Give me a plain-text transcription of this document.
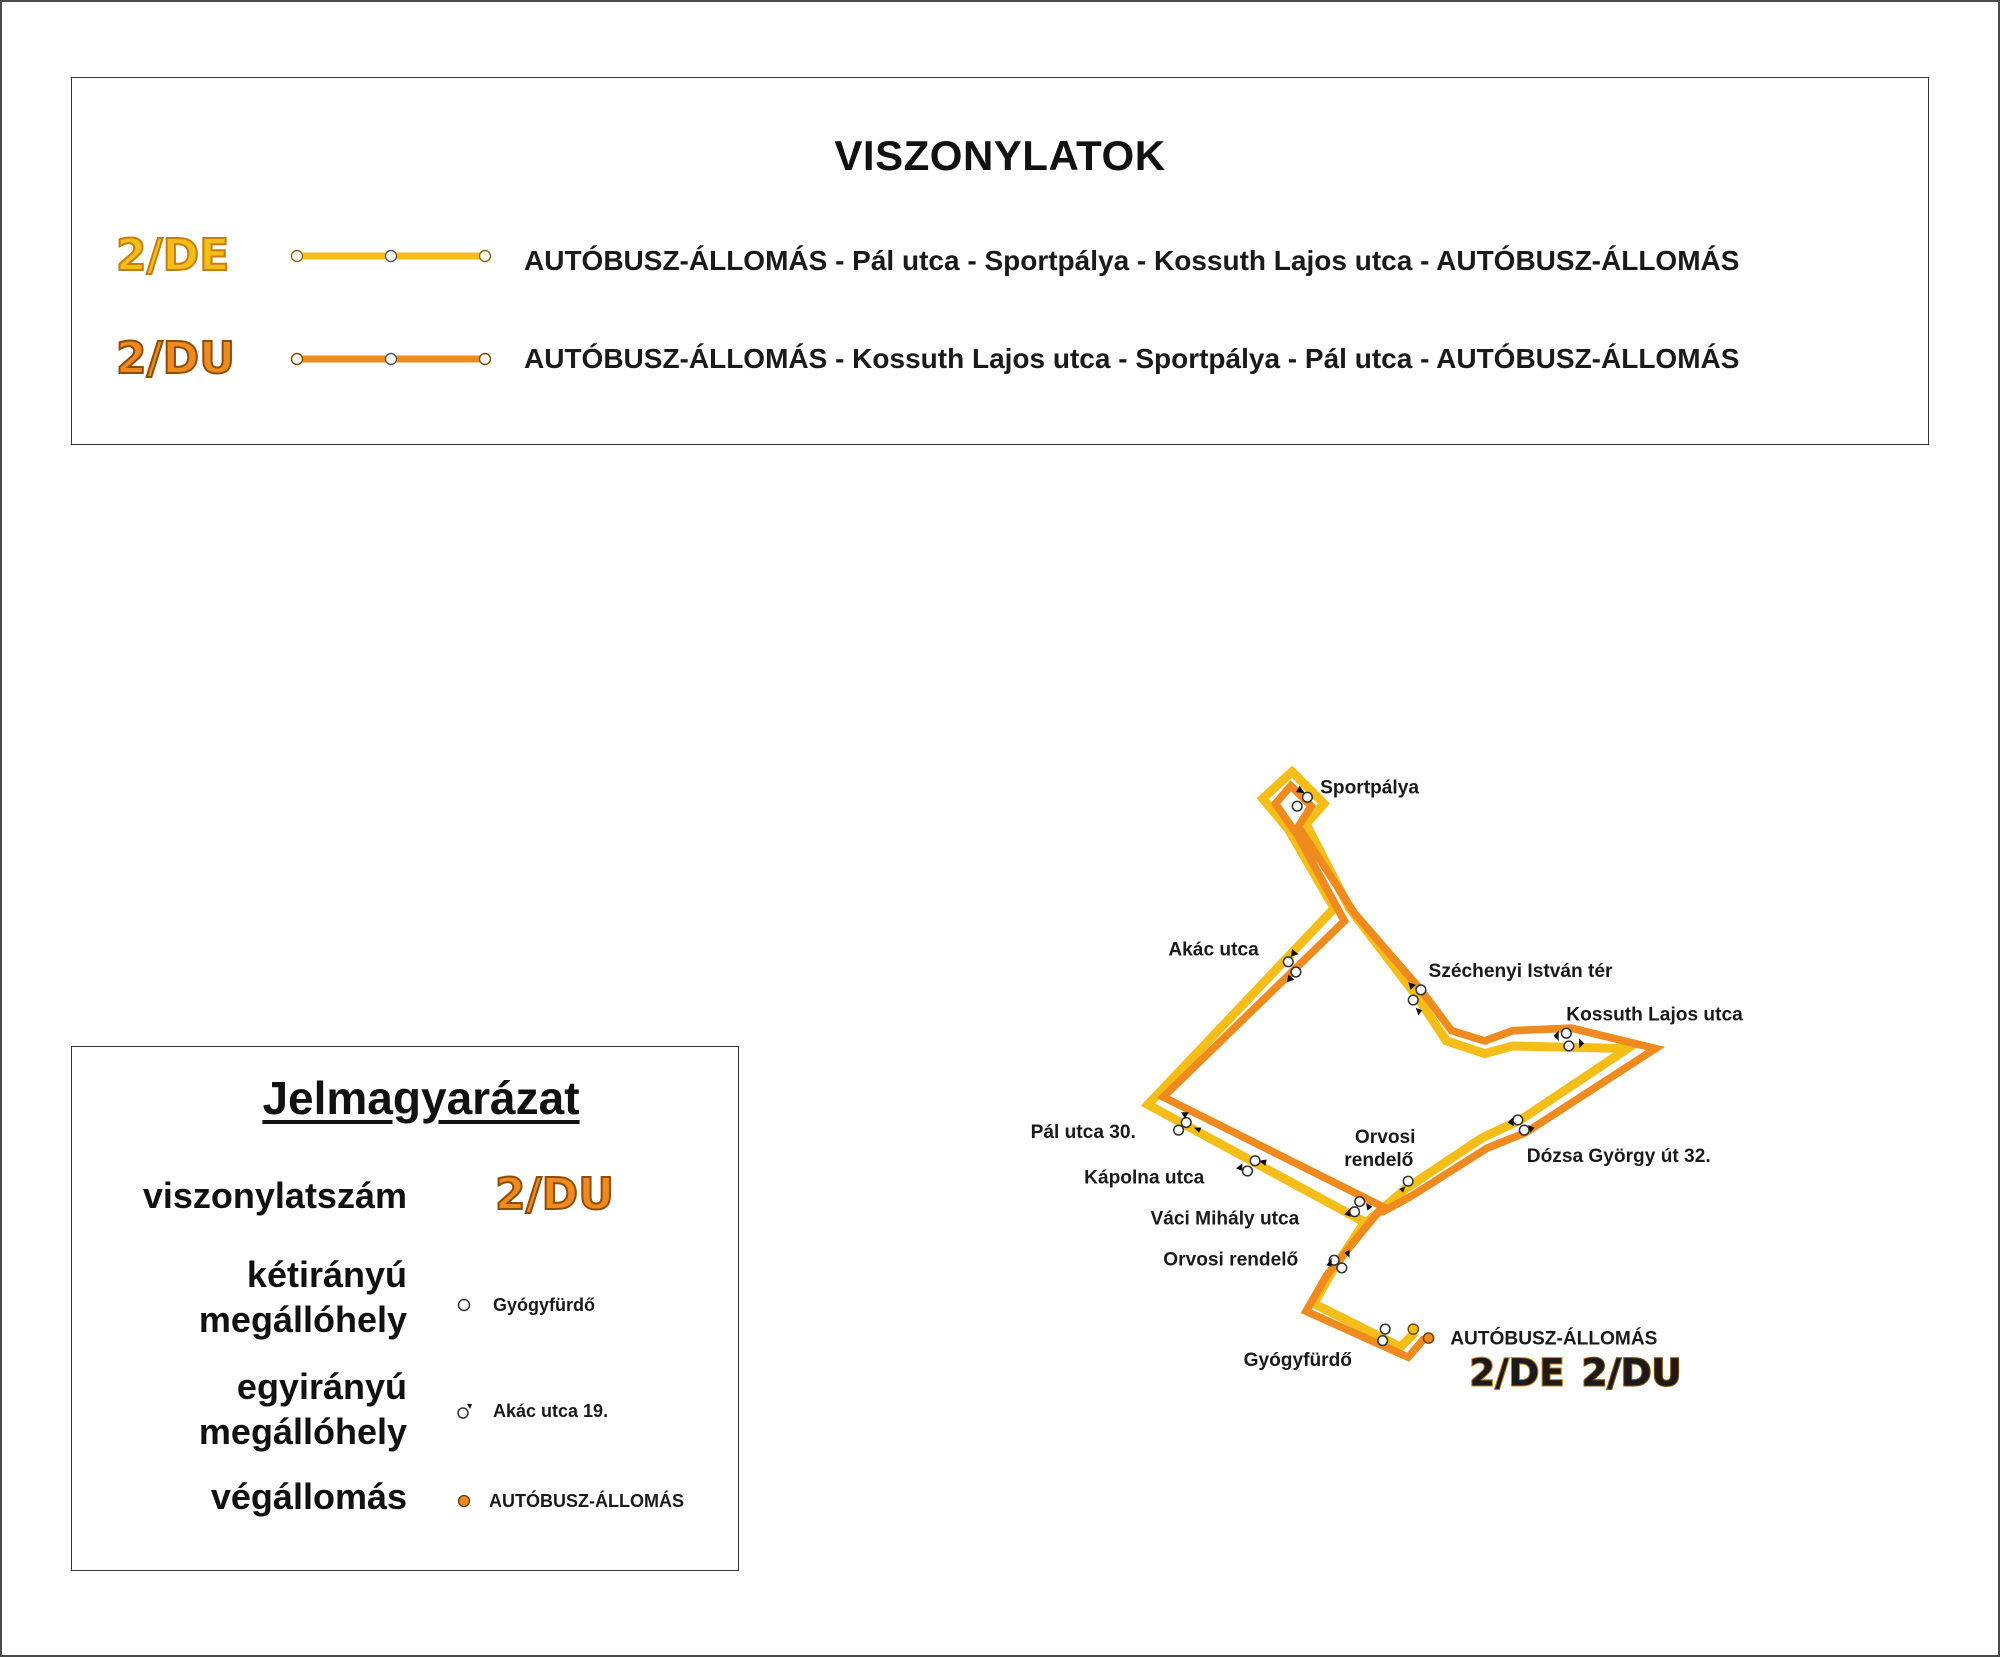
VISZONYLATOK
2/DE	AUTÓBUSZ-ÁLLOMÁS - Pál utca - Sportpálya - Kossuth Lajos utca - AUTÓBUSZ-ÁLLOMÁS
2/DU	AUTÓBUSZ-ÁLLOMÁS - Kossuth Lajos utca - Sportpálya - Pál utca - AUTÓBUSZ-ÁLLOMÁS
Jelmagyarázat
viszonylatszám 2/DU
kétirányú
megállóhely	Gyógyfürdő
egyirányú
megállóhely	Akác utca 19.
végállomás	AUTÓBUSZ-ÁLLOMÁS
Sportpálya
Akác utca
Széchenyi István tér
Kossuth Lajos utca
Orvosi
rendelő
Pál utca 30.
Dózsa György út 32.
Kápolna utca
Váci Mihály utca
Orvosi rendelő
Gyógyfürdő
AUTÓBUSZ-ÁLLOMÁS
2/DE 2/DU
